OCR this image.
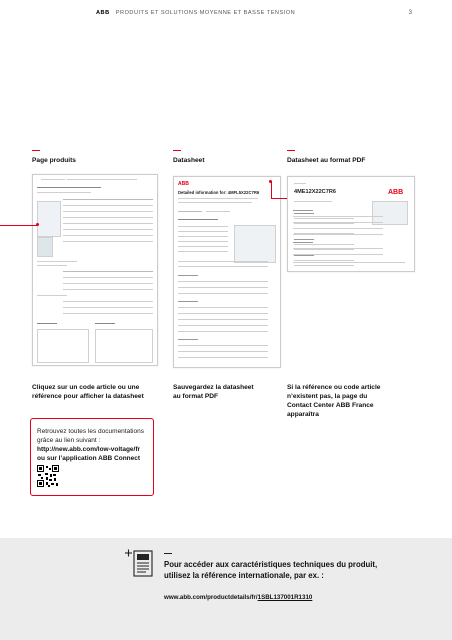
ABB PRODUITS ET SOLUTIONS MOYENNE ET BASSE TENSION	3
Page produits	Datasheet	Datasheet au format PDF
ABB
Detailed information for: 4MFL5X22C7R6	4ME12X22C7R6	ABB
Cliquez sur un code article ou une
référence pour afficher la datasheet
Sauvegardez la datasheet
au format PDF
Si la référence ou code article
n’existent pas, la page du
Contact Center ABB France
apparaîtra
Retrouvez toutes les documentations
grâce au lien suivant :
http://new.abb.com/low-voltage/fr
ou sur l’application ABB Connect
Pour accéder aux caractéristiques techniques du produit,
utilisez la référence internationale, par ex. :
www.abb.com/productdetails/fr/1SBL137001R1310
